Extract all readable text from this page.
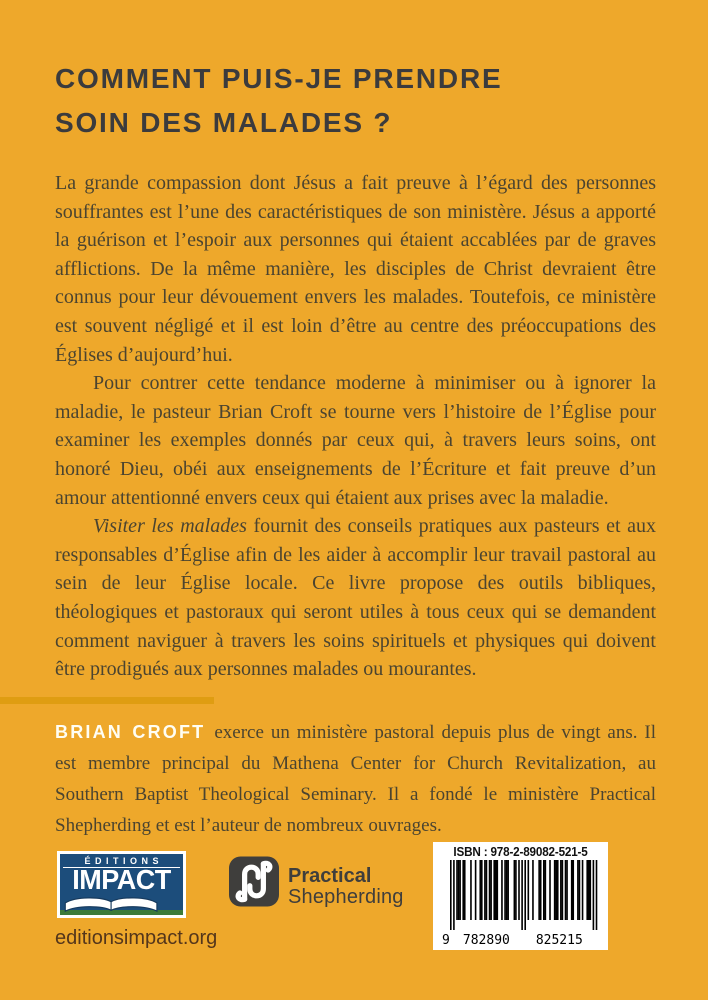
COMMENT PUIS-JE PRENDRE
SOIN DES MALADES ?

La grande compassion dont Jésus a fait preuve à l’égard des personnes souffrantes est l’une des caractéristiques de son ministère. Jésus a apporté la guérison et l’espoir aux personnes qui étaient accablées par de graves afflictions. De la même manière, les disciples de Christ devraient être connus pour leur dévouement envers les malades. Toutefois, ce ministère est souvent négligé et il est loin d’être au centre des préoccupations des Églises d’aujourd’hui.

Pour contrer cette tendance moderne à minimiser ou à ignorer la maladie, le pasteur Brian Croft se tourne vers l’histoire de l’Église pour examiner les exemples donnés par ceux qui, à travers leurs soins, ont honoré Dieu, obéi aux enseignements de l’Écriture et fait preuve d’un amour attentionné envers ceux qui étaient aux prises avec la maladie.

Visiter les malades fournit des conseils pratiques aux pasteurs et aux responsables d’Église afin de les aider à accomplir leur travail pastoral au sein de leur Église locale. Ce livre propose des outils bibliques, théologiques et pastoraux qui seront utiles à tous ceux qui se demandent comment naviguer à travers les soins spirituels et physiques qui doivent être prodigués aux personnes malades ou mourantes.

BRIAN CROFT exerce un ministère pastoral depuis plus de vingt ans. Il est membre principal du Mathena Center for Church Revitalization, au Southern Baptist Theological Seminary. Il a fondé le ministère Practical Shepherding et est l’auteur de nombreux ouvrages.

ÉDITIONS
IMPACT	Practical
Shepherding
ISBN : 978-2-89082-521-5
9 782890 825215
editionsimpact.org
